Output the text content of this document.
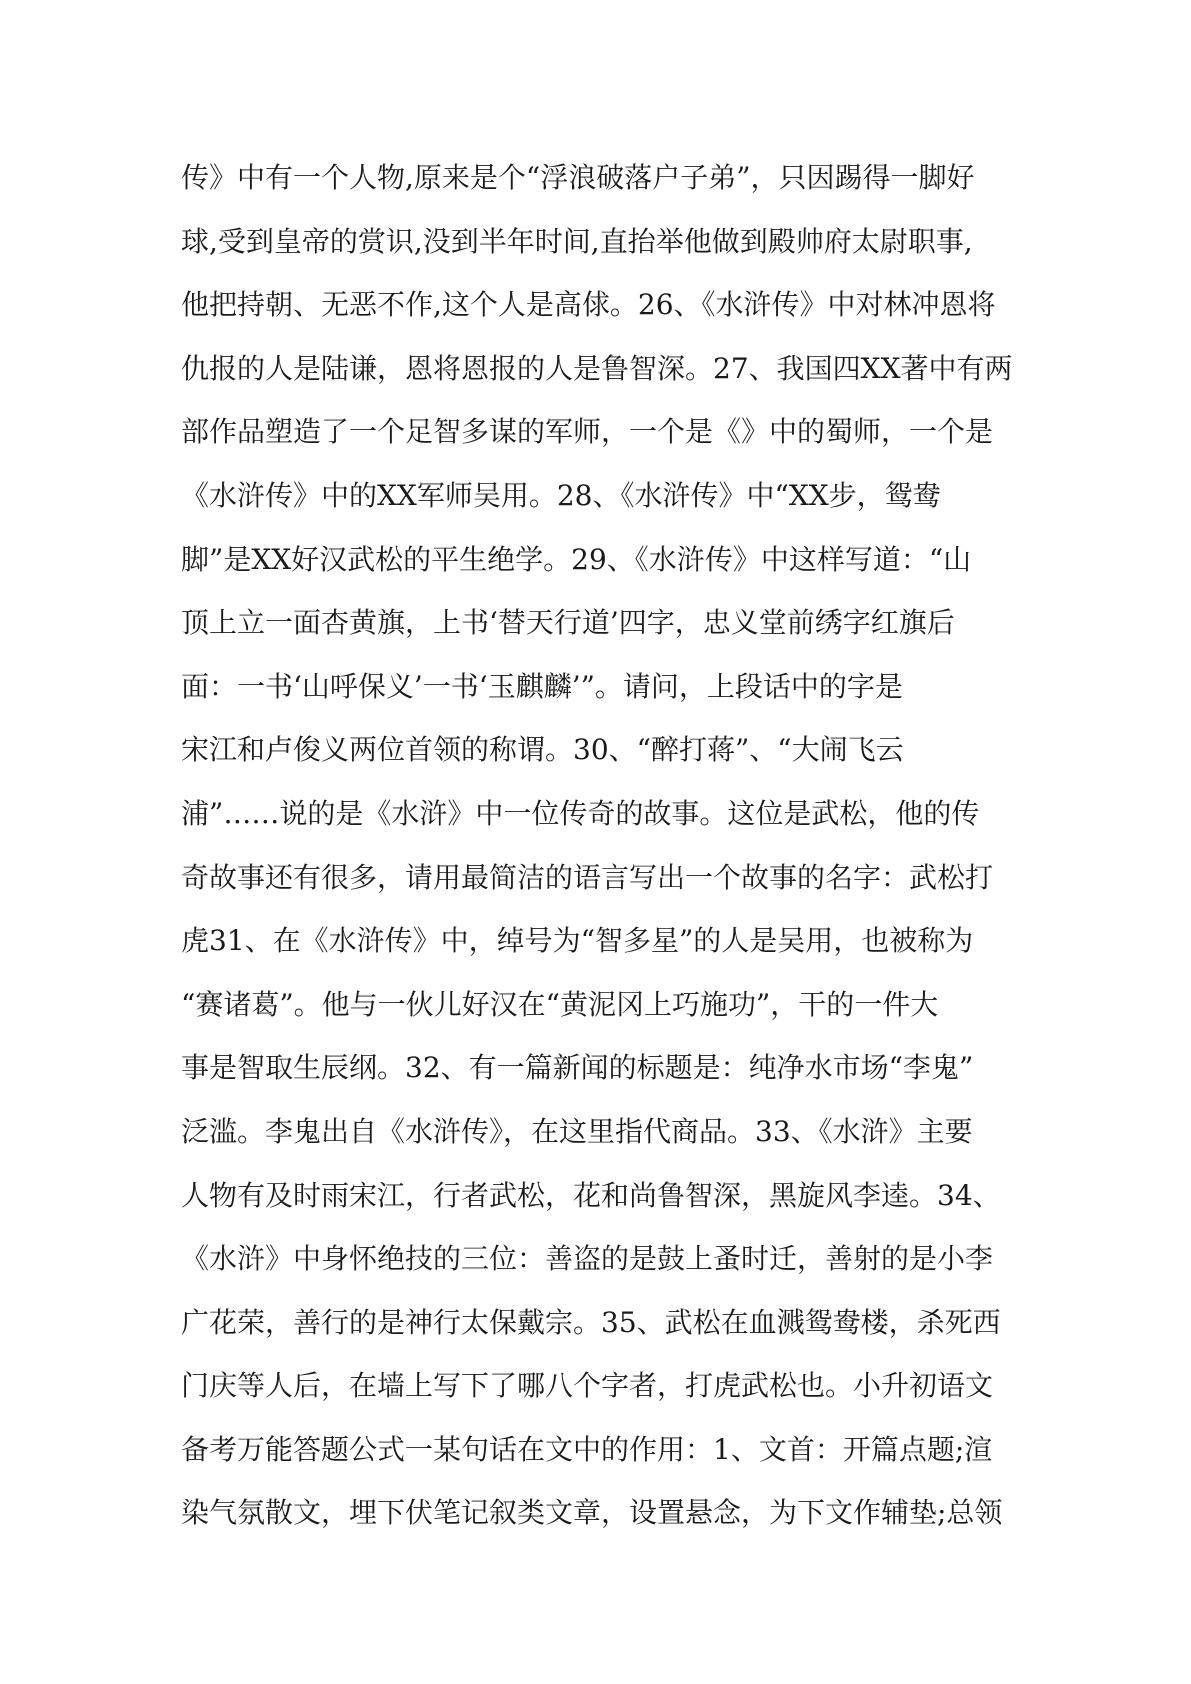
传》中有一个人物,原来是个“浮浪破落户子弟”，只因踢得一脚好
球,受到皇帝的赏识,没到半年时间,直抬举他做到殿帅府太尉职事,
他把持朝、无恶不作,这个人是高俅。26、《水浒传》中对林冲恩将
仇报的人是陆谦，恩将恩报的人是鲁智深。27、我国四XX著中有两
部作品塑造了一个足智多谋的军师，一个是《》中的蜀师，一个是
《水浒传》中的XX军师吴用。28、《水浒传》中“XX步，鸳鸯
脚”是XX好汉武松的平生绝学。29、《水浒传》中这样写道：“山
顶上立一面杏黄旗，上书‘替天行道’四字，忠义堂前绣字红旗后
面：一书‘山呼保义’一书‘玉麒麟’”。请问，上段话中的字是
宋江和卢俊义两位首领的称谓。30、“醉打蒋”、“大闹飞云
浦”……说的是《水浒》中一位传奇的故事。这位是武松，他的传
奇故事还有很多，请用最简洁的语言写出一个故事的名字：武松打
虎31、在《水浒传》中，绰号为“智多星”的人是吴用，也被称为
“赛诸葛”。他与一伙儿好汉在“黄泥冈上巧施功”，干的一件大
事是智取生辰纲。32、有一篇新闻的标题是：纯净水市场“李鬼”
泛滥。李鬼出自《水浒传》，在这里指代商品。33、《水浒》主要
人物有及时雨宋江，行者武松，花和尚鲁智深，黑旋风李逵。34、
《水浒》中身怀绝技的三位：善盗的是鼓上蚤时迁，善射的是小李
广花荣，善行的是神行太保戴宗。35、武松在血溅鸳鸯楼，杀死西
门庆等人后，在墙上写下了哪八个字者，打虎武松也。小升初语文
备考万能答题公式一某句话在文中的作用：1、文首：开篇点题;渲
染气氛散文，埋下伏笔记叙类文章，设置悬念，为下文作辅垫;总领
